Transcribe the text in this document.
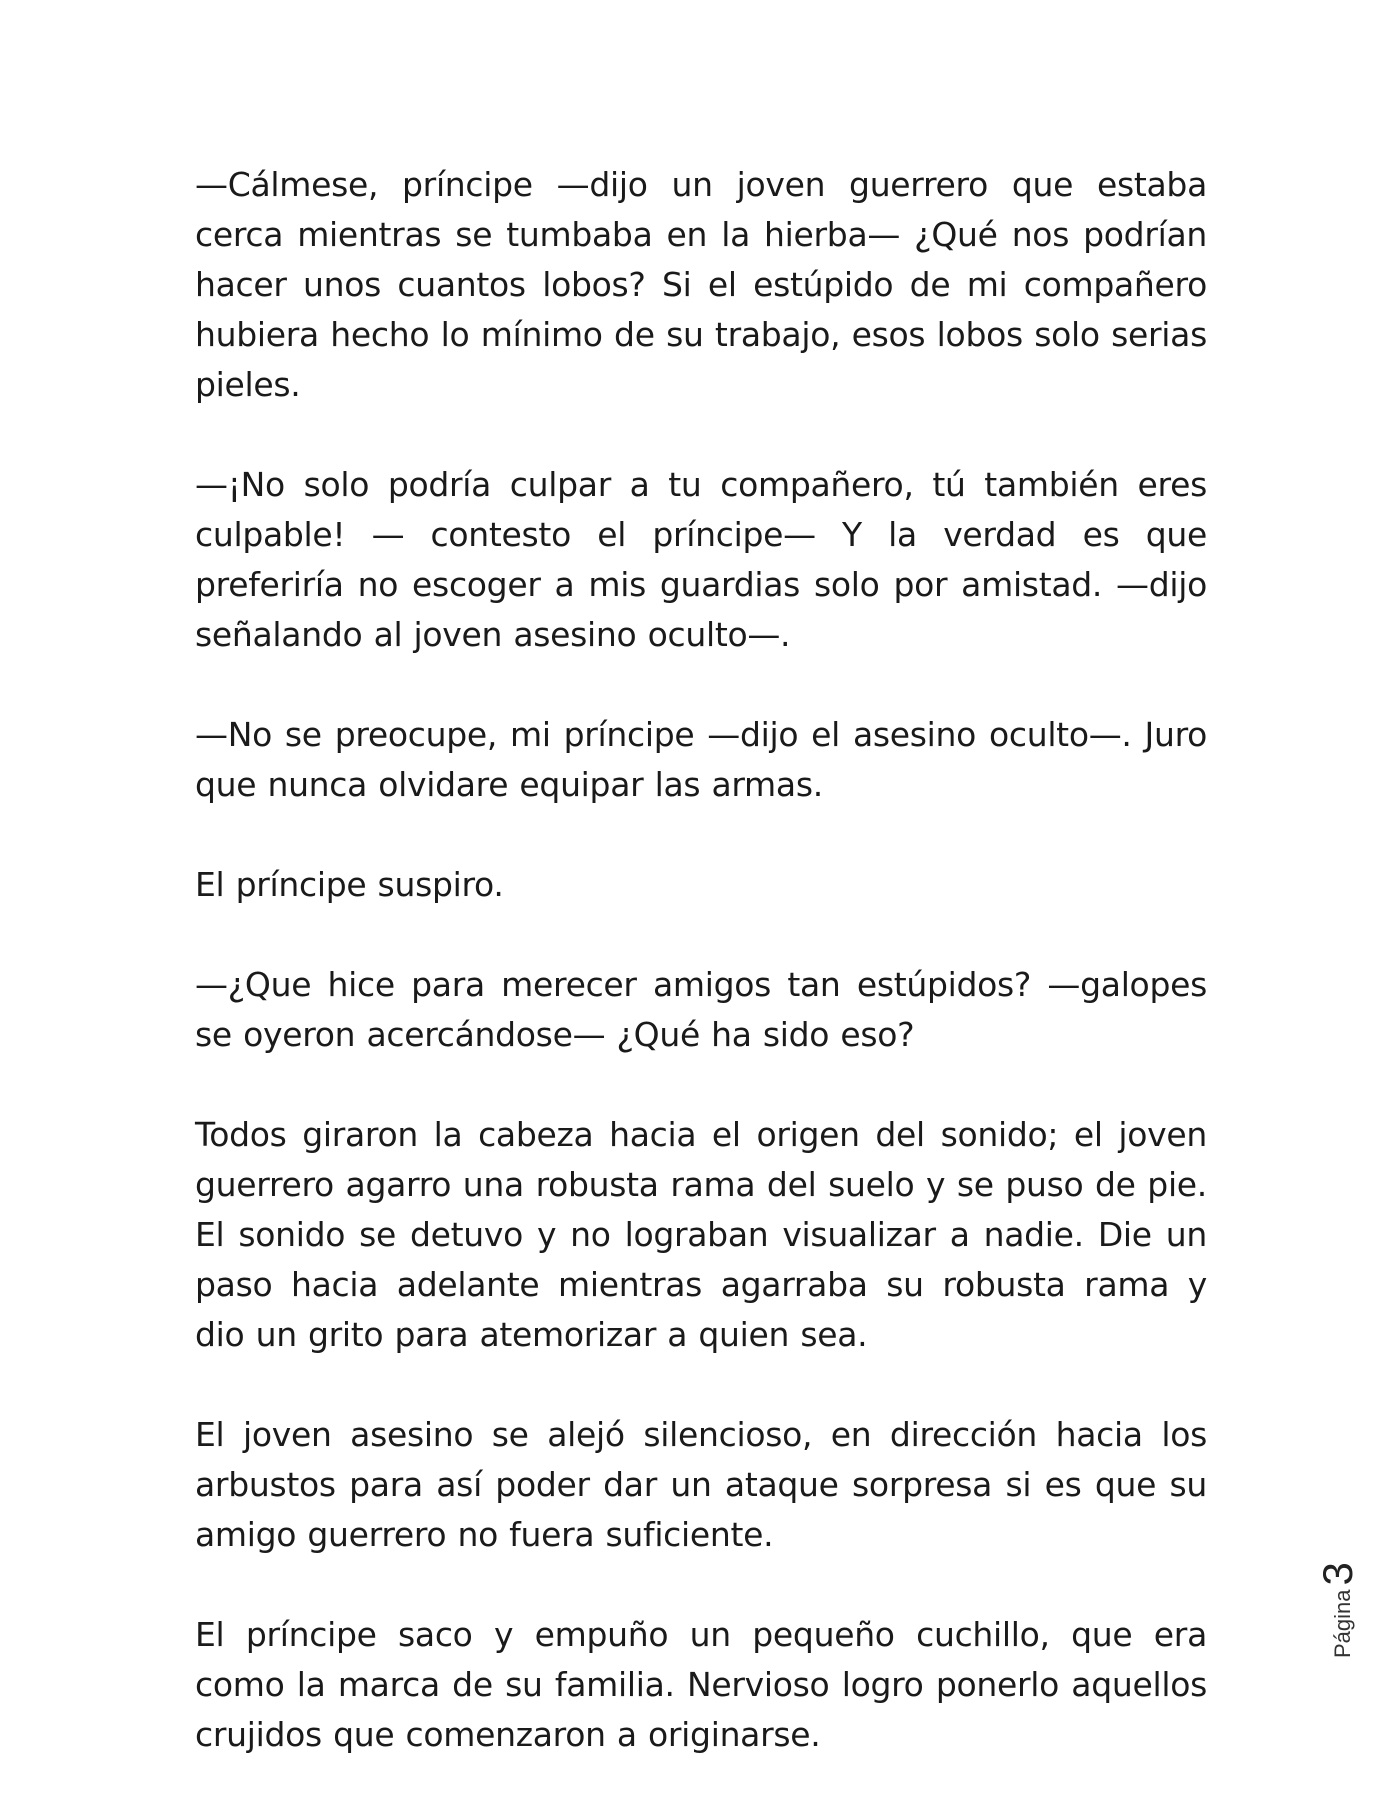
—Cálmese, príncipe —dijo un joven guerrero que estaba cerca mientras se tumbaba en la hierba— ¿Qué nos podrían hacer unos cuantos lobos? Si el estúpido de mi compañero hubiera hecho lo mínimo de su trabajo, esos lobos solo serias pieles.

—¡No solo podría culpar a tu compañero, tú también eres culpable! — contesto el príncipe— Y la verdad es que preferiría no escoger a mis guardias solo por amistad. —dijo señalando al joven asesino oculto—.

—No se preocupe, mi príncipe —dijo el asesino oculto—. Juro que nunca olvidare equipar las armas.

El príncipe suspiro.

—¿Que hice para merecer amigos tan estúpidos? —galopes se oyeron acercándose— ¿Qué ha sido eso?

Todos giraron la cabeza hacia el origen del sonido; el joven guerrero agarro una robusta rama del suelo y se puso de pie. El sonido se detuvo y no lograban visualizar a nadie. Die un paso hacia adelante mientras agarraba su robusta rama y dio un grito para atemorizar a quien sea.

El joven asesino se alejó silencioso, en dirección hacia los arbustos para así poder dar un ataque sorpresa si es que su amigo guerrero no fuera suficiente.

El príncipe saco y empuño un pequeño cuchillo, que era como la marca de su familia. Nervioso logro ponerlo aquellos crujidos que comenzaron a originarse.

Página
3
